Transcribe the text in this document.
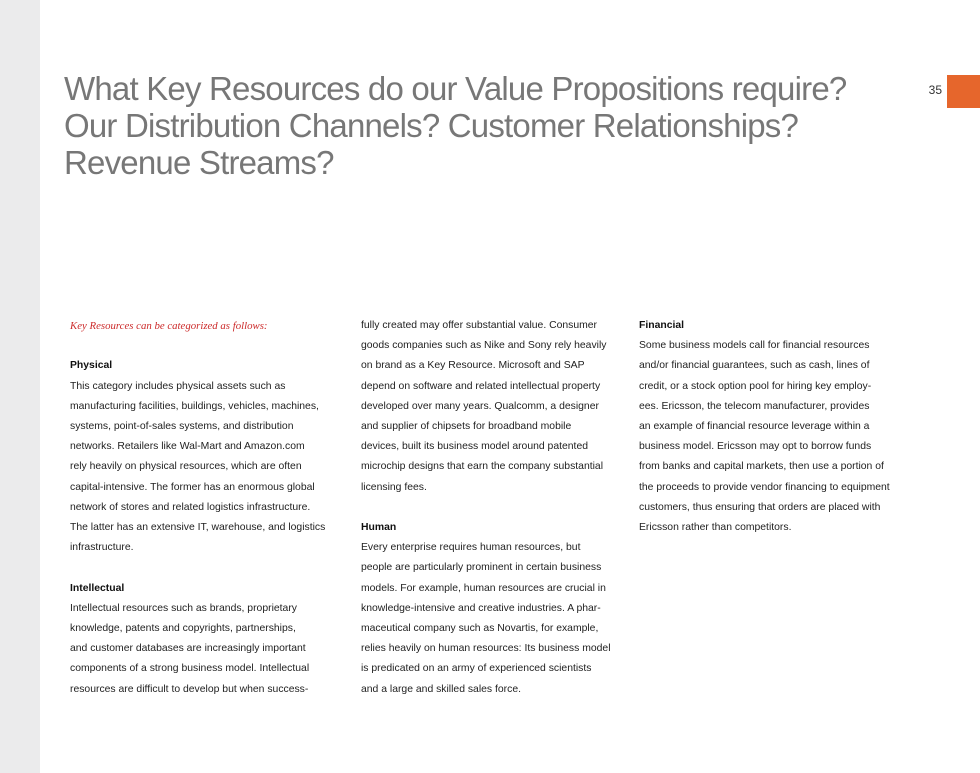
35
What Key Resources do our Value Propositions require?
Our Distribution Channels? Customer Relationships?
Revenue Streams?

Key Resources can be categorized as follows:

Physical

This category includes physical assets such as
manufacturing facilities, buildings, vehicles, machines,
systems, point-of-sales systems, and distribution
networks. Retailers like Wal-Mart and Amazon.com
rely heavily on physical resources, which are often
capital-intensive. The former has an enormous global
network of stores and related logistics infrastructure.
The latter has an extensive IT, warehouse, and logistics
infrastructure.

Intellectual

Intellectual resources such as brands, proprietary
knowledge, patents and copyrights, partnerships,
and customer databases are increasingly important
components of a strong business model. Intellectual
resources are difficult to develop but when success-

fully created may offer substantial value. Consumer
goods companies such as Nike and Sony rely heavily
on brand as a Key Resource. Microsoft and SAP
depend on software and related intellectual property
developed over many years. Qualcomm, a designer
and supplier of chipsets for broadband mobile
devices, built its business model around patented
microchip designs that earn the company substantial
licensing fees.

Human

Every enterprise requires human resources, but
people are particularly prominent in certain business
models. For example, human resources are crucial in
knowledge-intensive and creative industries. A phar-
maceutical company such as Novartis, for example,
relies heavily on human resources: Its business model
is predicated on an army of experienced scientists
and a large and skilled sales force.

Financial

Some business models call for financial resources
and/or financial guarantees, such as cash, lines of
credit, or a stock option pool for hiring key employ-
ees. Ericsson, the telecom manufacturer, provides
an example of financial resource leverage within a
business model. Ericsson may opt to borrow funds
from banks and capital markets, then use a portion of
the proceeds to provide vendor financing to equipment
customers, thus ensuring that orders are placed with
Ericsson rather than competitors.
